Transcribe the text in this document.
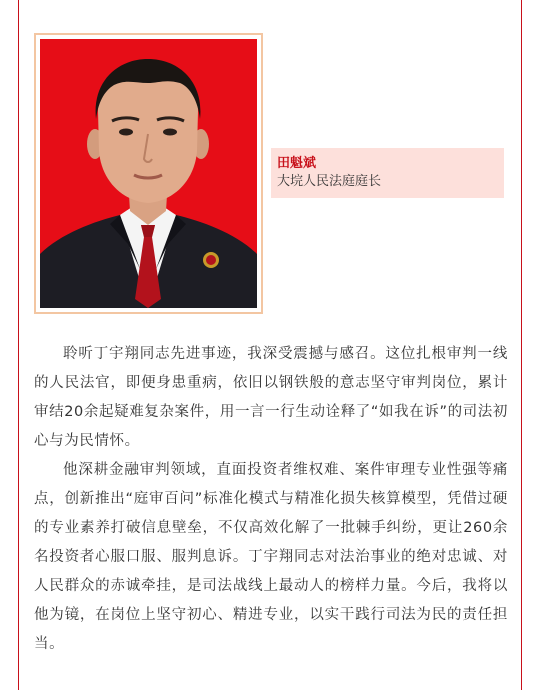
田魁斌
大垸人民法庭庭长

聆听丁宇翔同志先进事迹，我深受震撼与感召。这位扎根审判一线的人民法官，即便身患重病，依旧以钢铁般的意志坚守审判岗位，累计审结20余起疑难复杂案件，用一言一行生动诠释了“如我在诉”的司法初心与为民情怀。

他深耕金融审判领域，直面投资者维权难、案件审理专业性强等痛点，创新推出“庭审百问”标准化模式与精准化损失核算模型，凭借过硬的专业素养打破信息壁垒，不仅高效化解了一批棘手纠纷，更让260余名投资者心服口服、服判息诉。丁宇翔同志对法治事业的绝对忠诚、对人民群众的赤诚牵挂，是司法战线上最动人的榜样力量。今后，我将以他为镜，在岗位上坚守初心、精进专业，以实干践行司法为民的责任担当。
